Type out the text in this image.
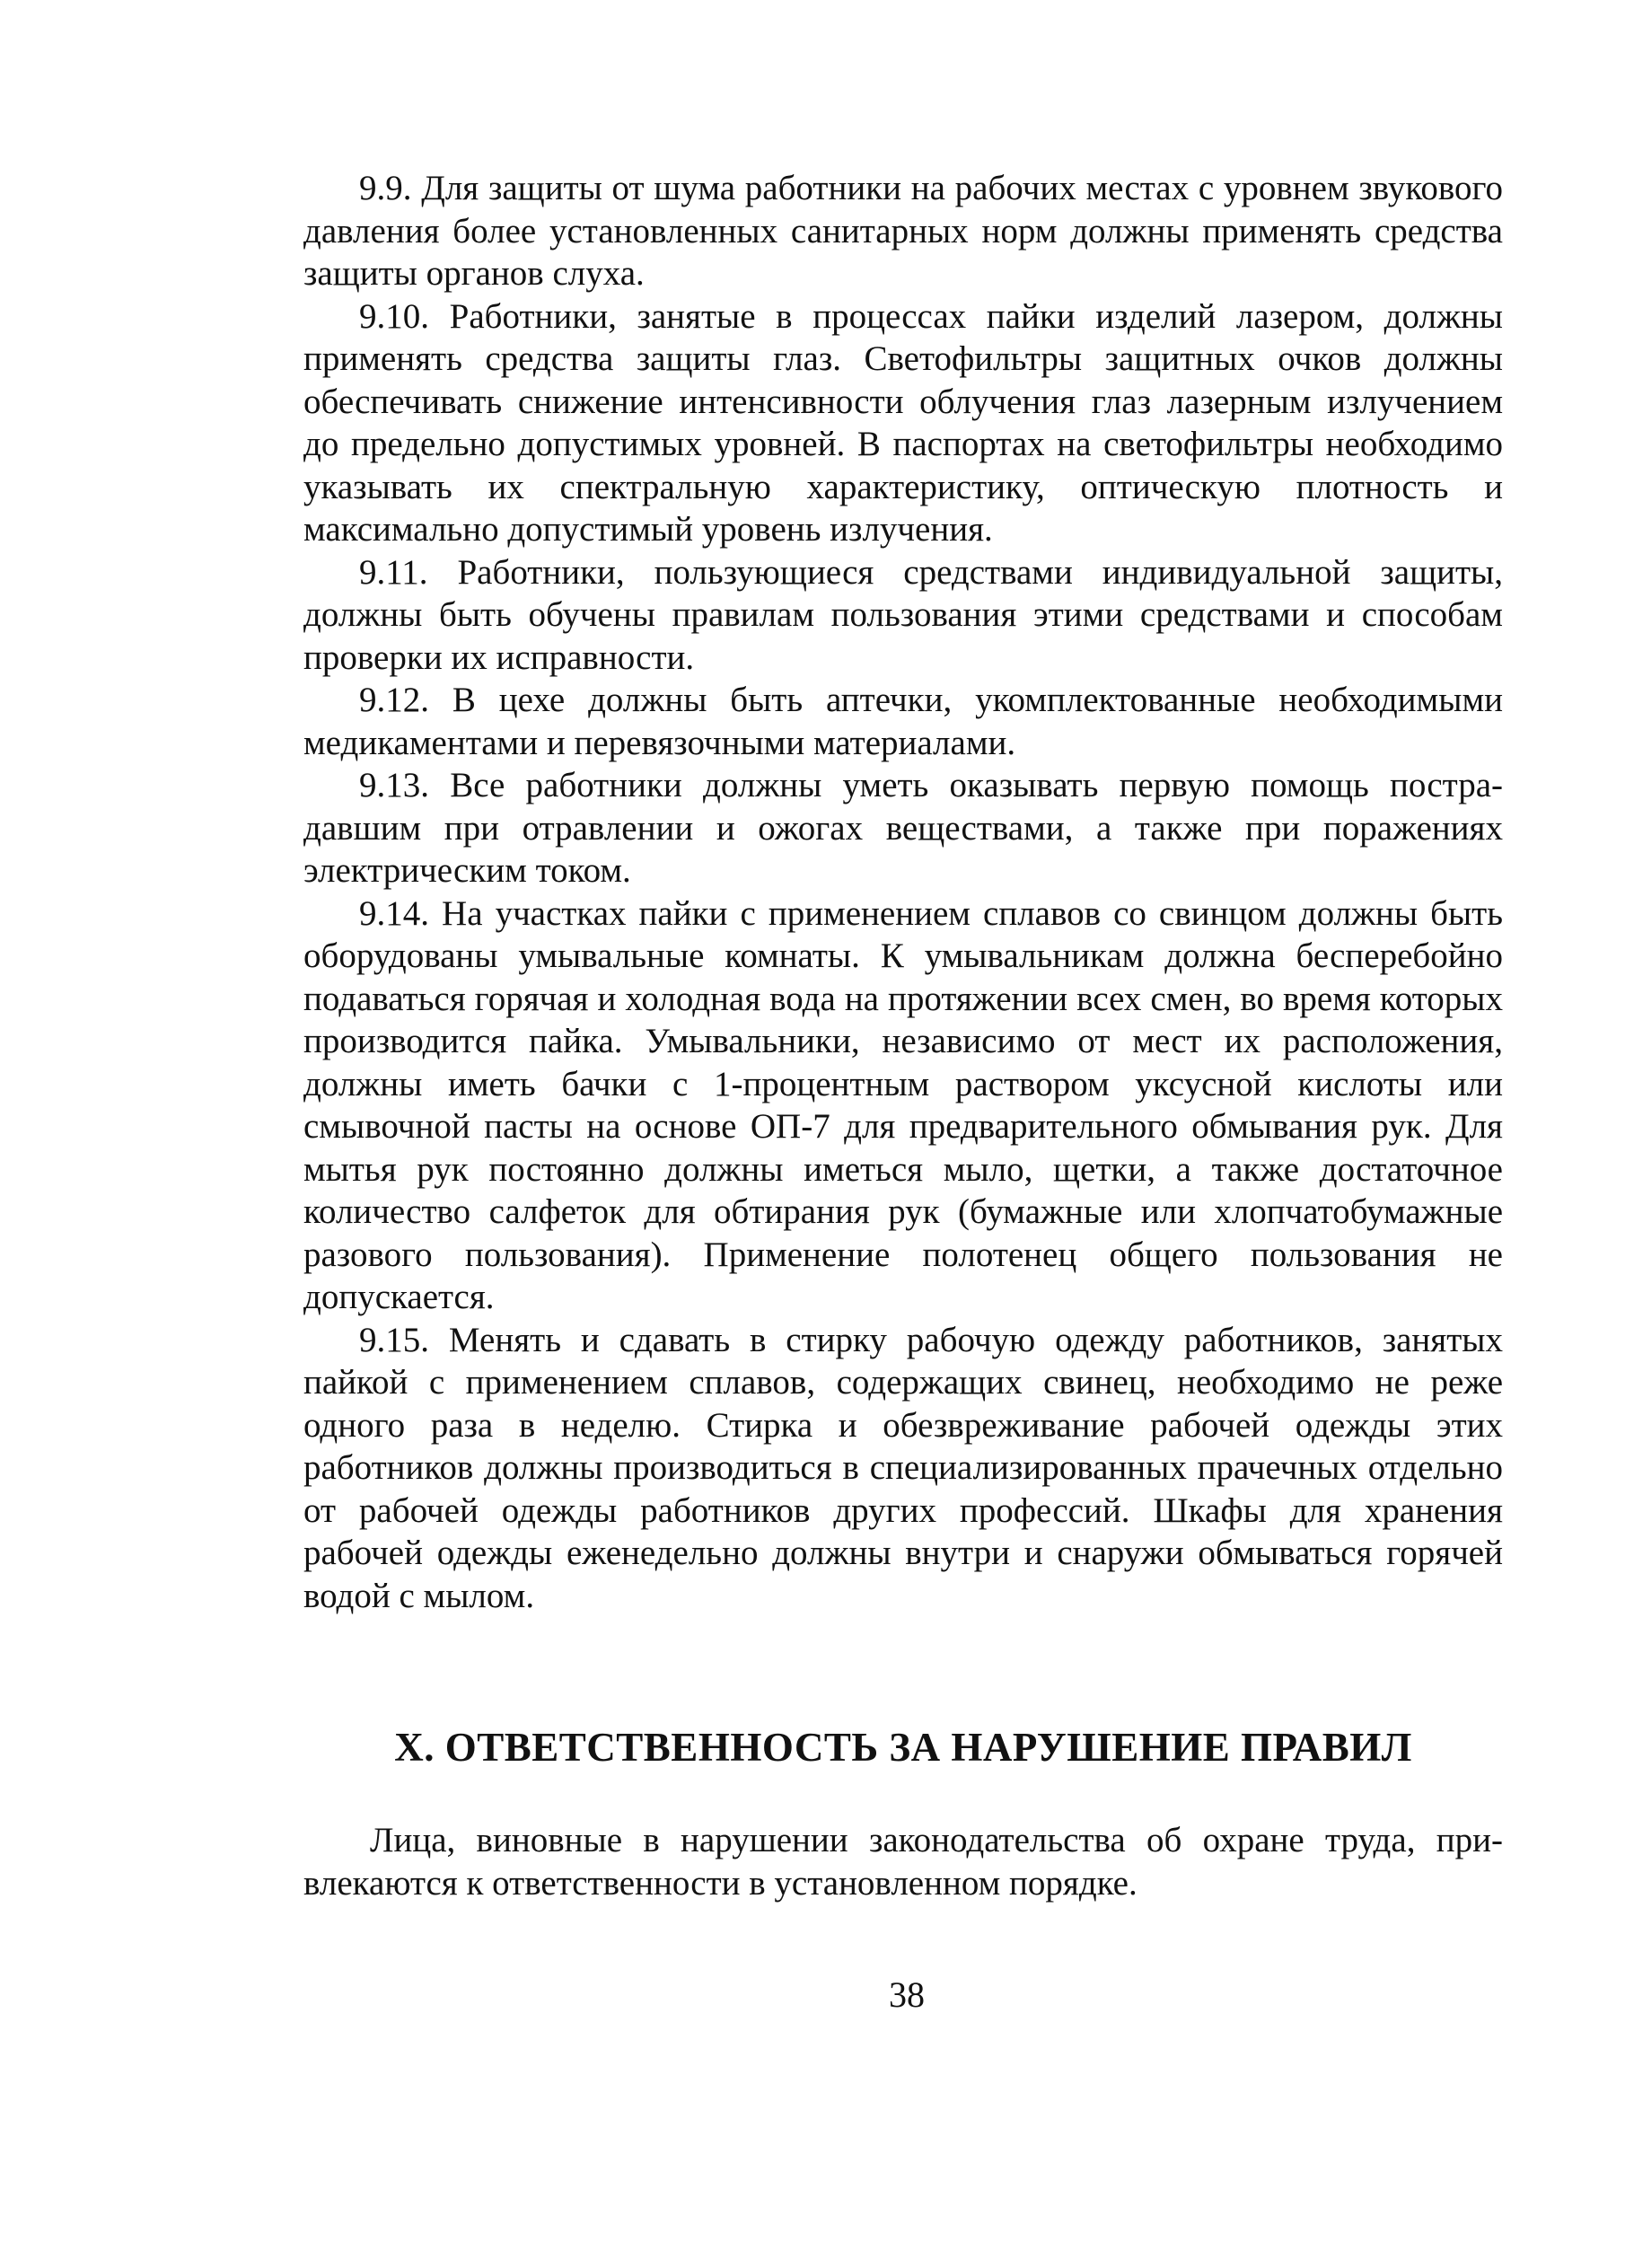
9.9. Для защиты от шума работники на рабочих местах с уровнем звукового давления более установленных санитарных норм должны применять средства защиты органов слуха.

9.10. Работники, занятые в процессах пайки изделий лазером, должны применять средства защиты глаз. Светофильтры защитных очков должны обеспечивать снижение интенсивности облучения глаз лазерным излучением до предельно допустимых уровней. В паспортах на светофильтры необходимо указывать их спектральную характеристику, оптическую плотность и максимально допустимый уровень излучения.

9.11. Работники, пользующиеся средствами индивидуальной защиты, должны быть обучены правилам пользования этими средствами и способам проверки их исправности.

9.12. В цехе должны быть аптечки, укомплектованные необходимыми медикаментами и перевязочными материалами.

9.13. Все работники должны уметь оказывать первую помощь пострадавшим при отравлении и ожогах веществами, а также при поражениях электрическим током.

9.14. На участках пайки с применением сплавов со свинцом должны быть оборудованы умывальные комнаты. К умывальникам должна бесперебойно подаваться горячая и холодная вода на протяжении всех смен, во время которых производится пайка. Умывальники, независимо от мест их расположения, должны иметь бачки с 1-процентным раствором уксусной кислоты или смывочной пасты на основе ОП-7 для предварительного обмывания рук. Для мытья рук постоянно должны иметься мыло, щетки, а также достаточное количество салфеток для обтирания рук (бумажные или хлопчатобумажные разового пользования). Применение полотенец общего пользования не допускается.

9.15. Менять и сдавать в стирку рабочую одежду работников, занятых пайкой с применением сплавов, содержащих свинец, необходимо не реже одного раза в неделю. Стирка и обезвреживание рабочей одежды этих работников должны производиться в специализированных прачечных отдельно от рабочей одежды работников других профессий. Шкафы для хранения рабочей одежды еженедельно должны внутри и снаружи обмываться горячей водой с мылом.

X. ОТВЕТСТВЕННОСТЬ ЗА НАРУШЕНИЕ ПРАВИЛ

Лица, виновные в нарушении законодательства об охране труда, привлекаются к ответственности в установленном порядке.

38
